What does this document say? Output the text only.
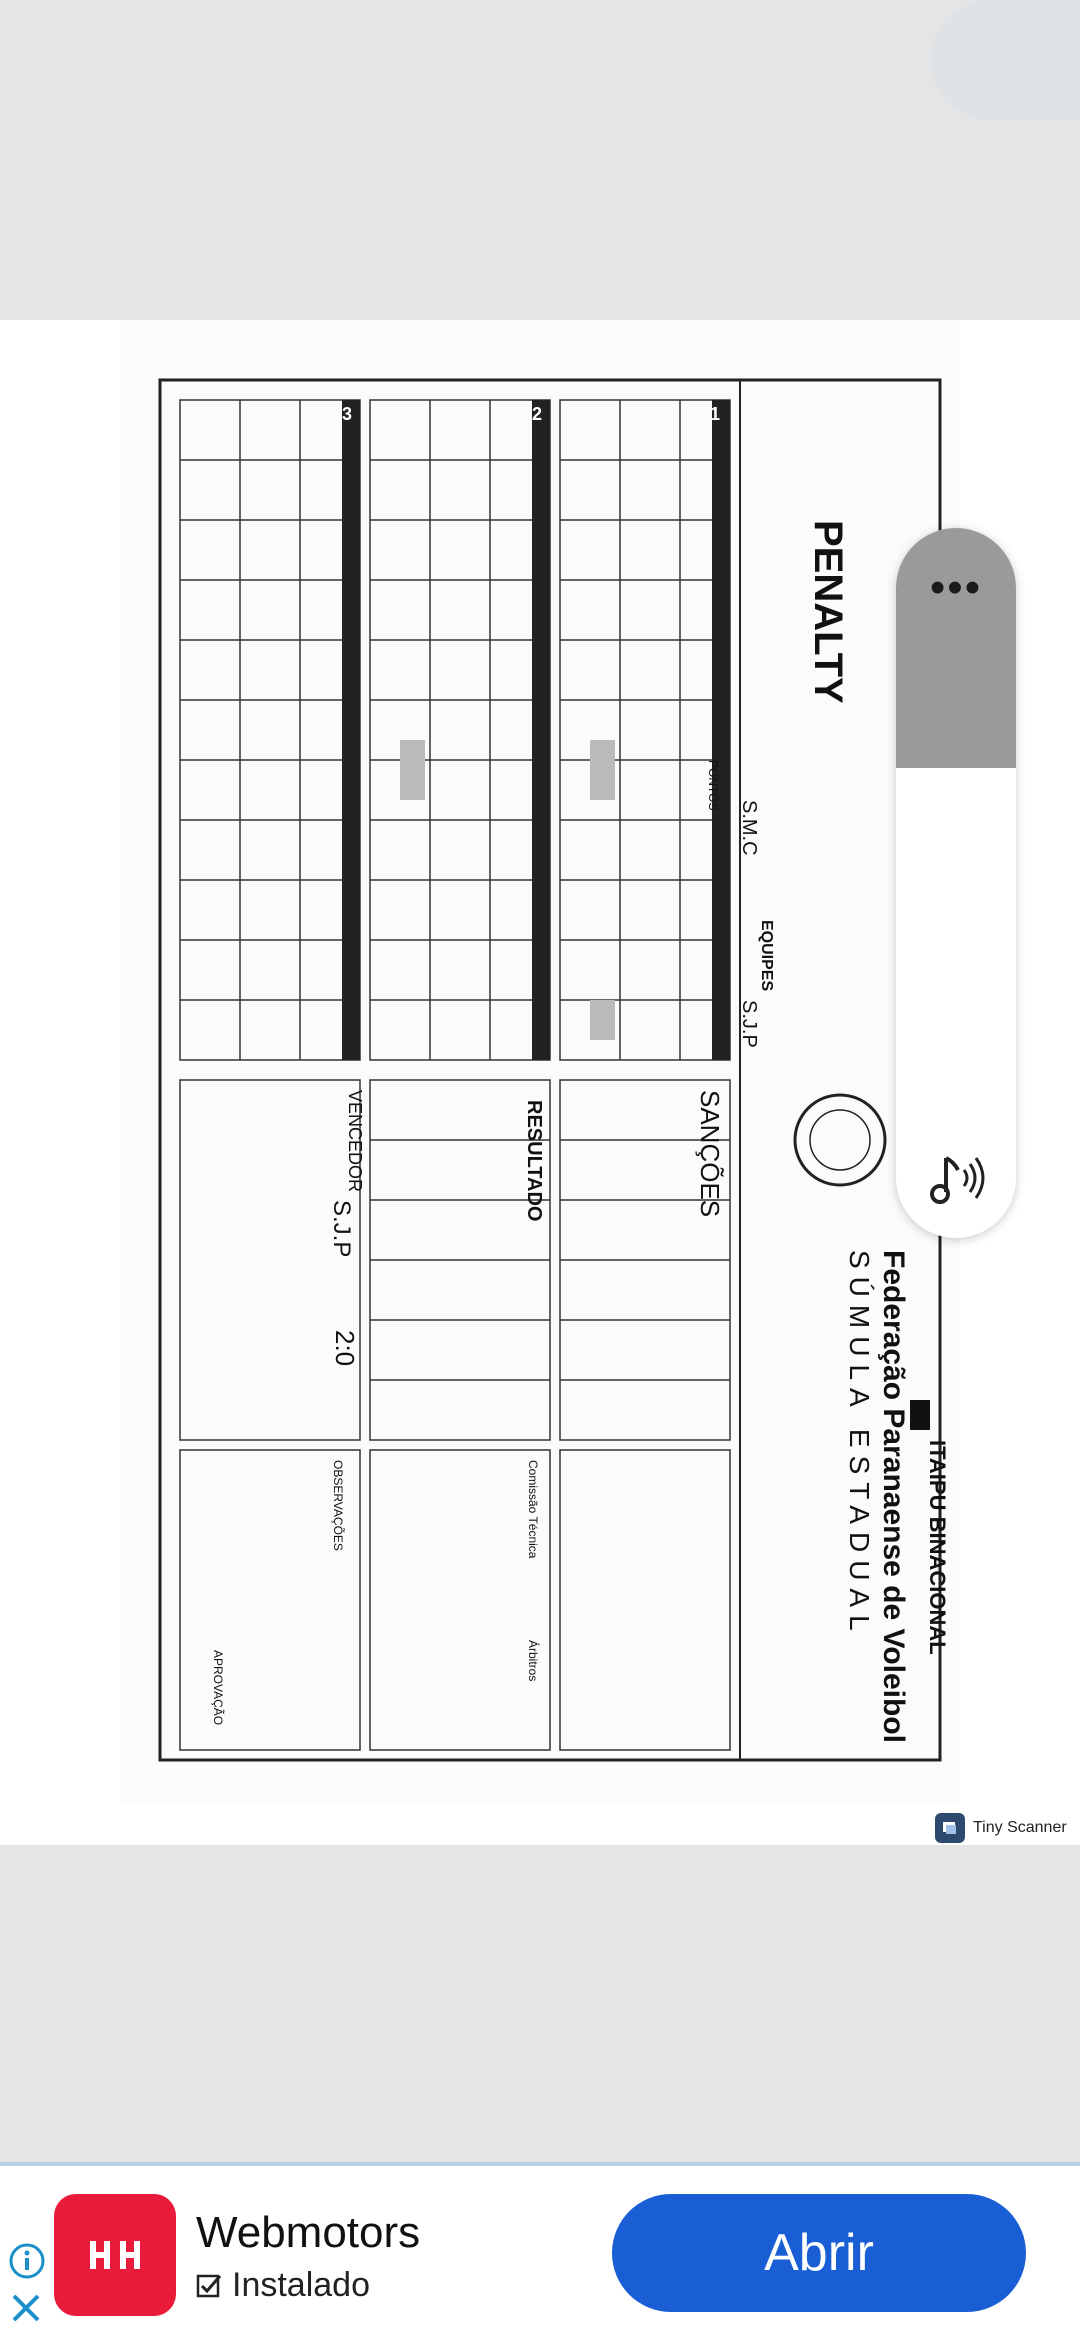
PENALTY
Federação Paranaense de Voleibol
SÚMULA ESTADUAL ITAIPU BINACIONAL
SANÇÕES
RESULTADO
VENCEDOR
S.J.P
2:0
EQUIPES
S.M.C
S.J.P
1
2
3
PONTOS
OBSERVAÇÕES
APROVAÇÃO
Comissão Técnica
Árbitros
•••
Tiny Scanner
Webmotors
Instalado
Abrir
